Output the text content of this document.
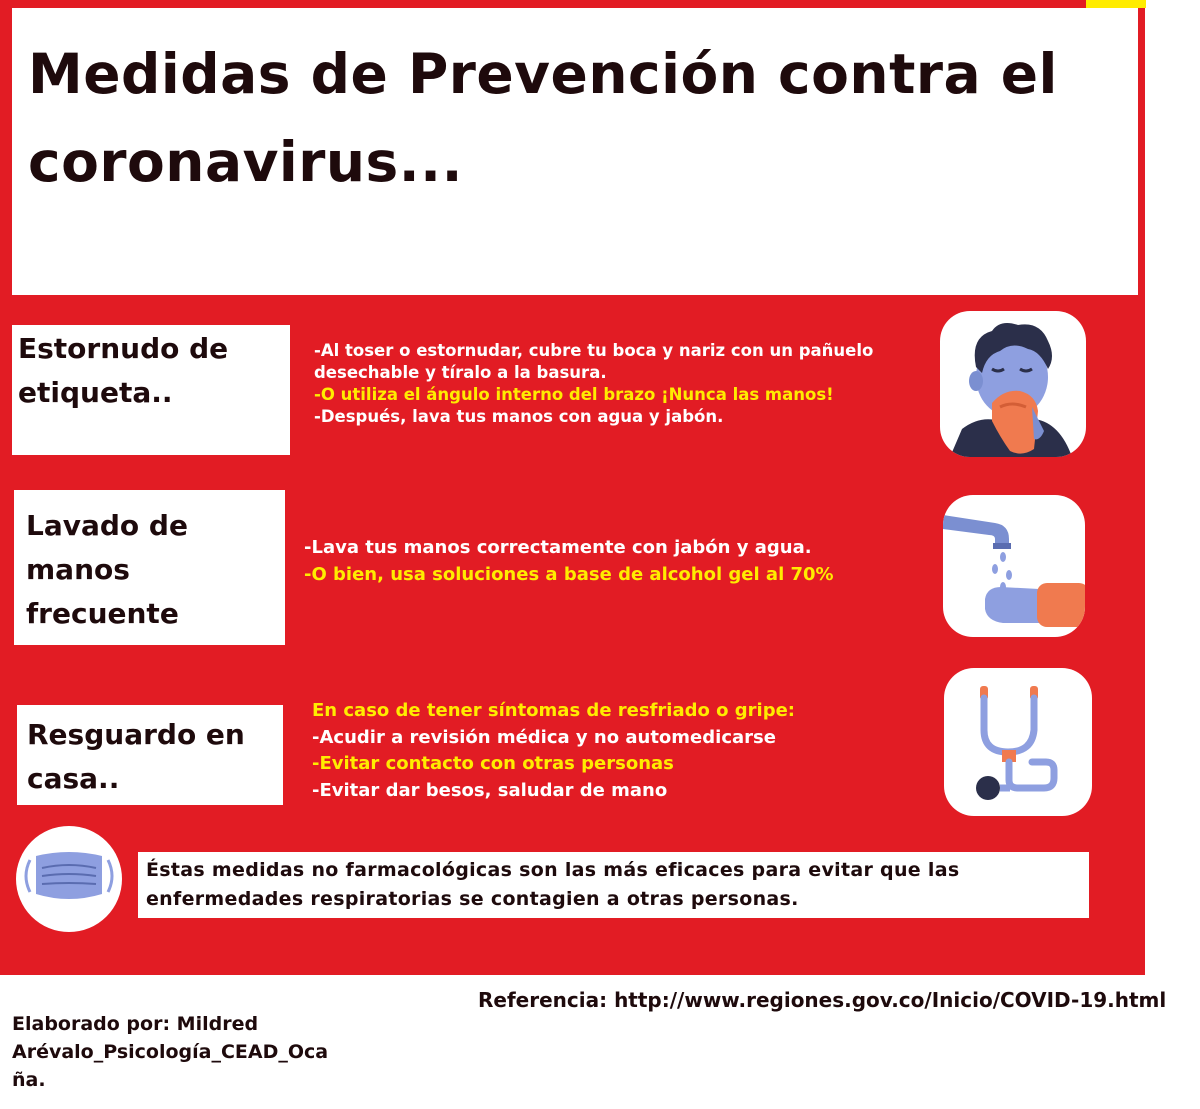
Medidas de Prevención contra el coronavirus...
Estornudo de
etiqueta..
-Al toser o estornudar, cubre tu boca y nariz con un pañuelo
desechable y tíralo a la basura.
-O utiliza el ángulo interno del brazo ¡Nunca las manos!
-Después, lava tus manos con agua y jabón.
Lavado de
manos
frecuente
-Lava tus manos correctamente con jabón y agua.
-O bien, usa soluciones a base de alcohol gel al 70%
Resguardo en
casa..
En caso de tener síntomas de resfriado o gripe:
-Acudir a revisión médica y no automedicarse
-Evitar contacto con otras personas
-Evitar dar besos, saludar de mano
Éstas medidas no farmacológicas son las más eficaces para evitar que las
enfermedades respiratorias se contagien a otras personas.
Referencia: http://www.regiones.gov.co/Inicio/COVID-19.html
Elaborado por: Mildred
Arévalo_Psicología_CEAD_Oca
ña.
